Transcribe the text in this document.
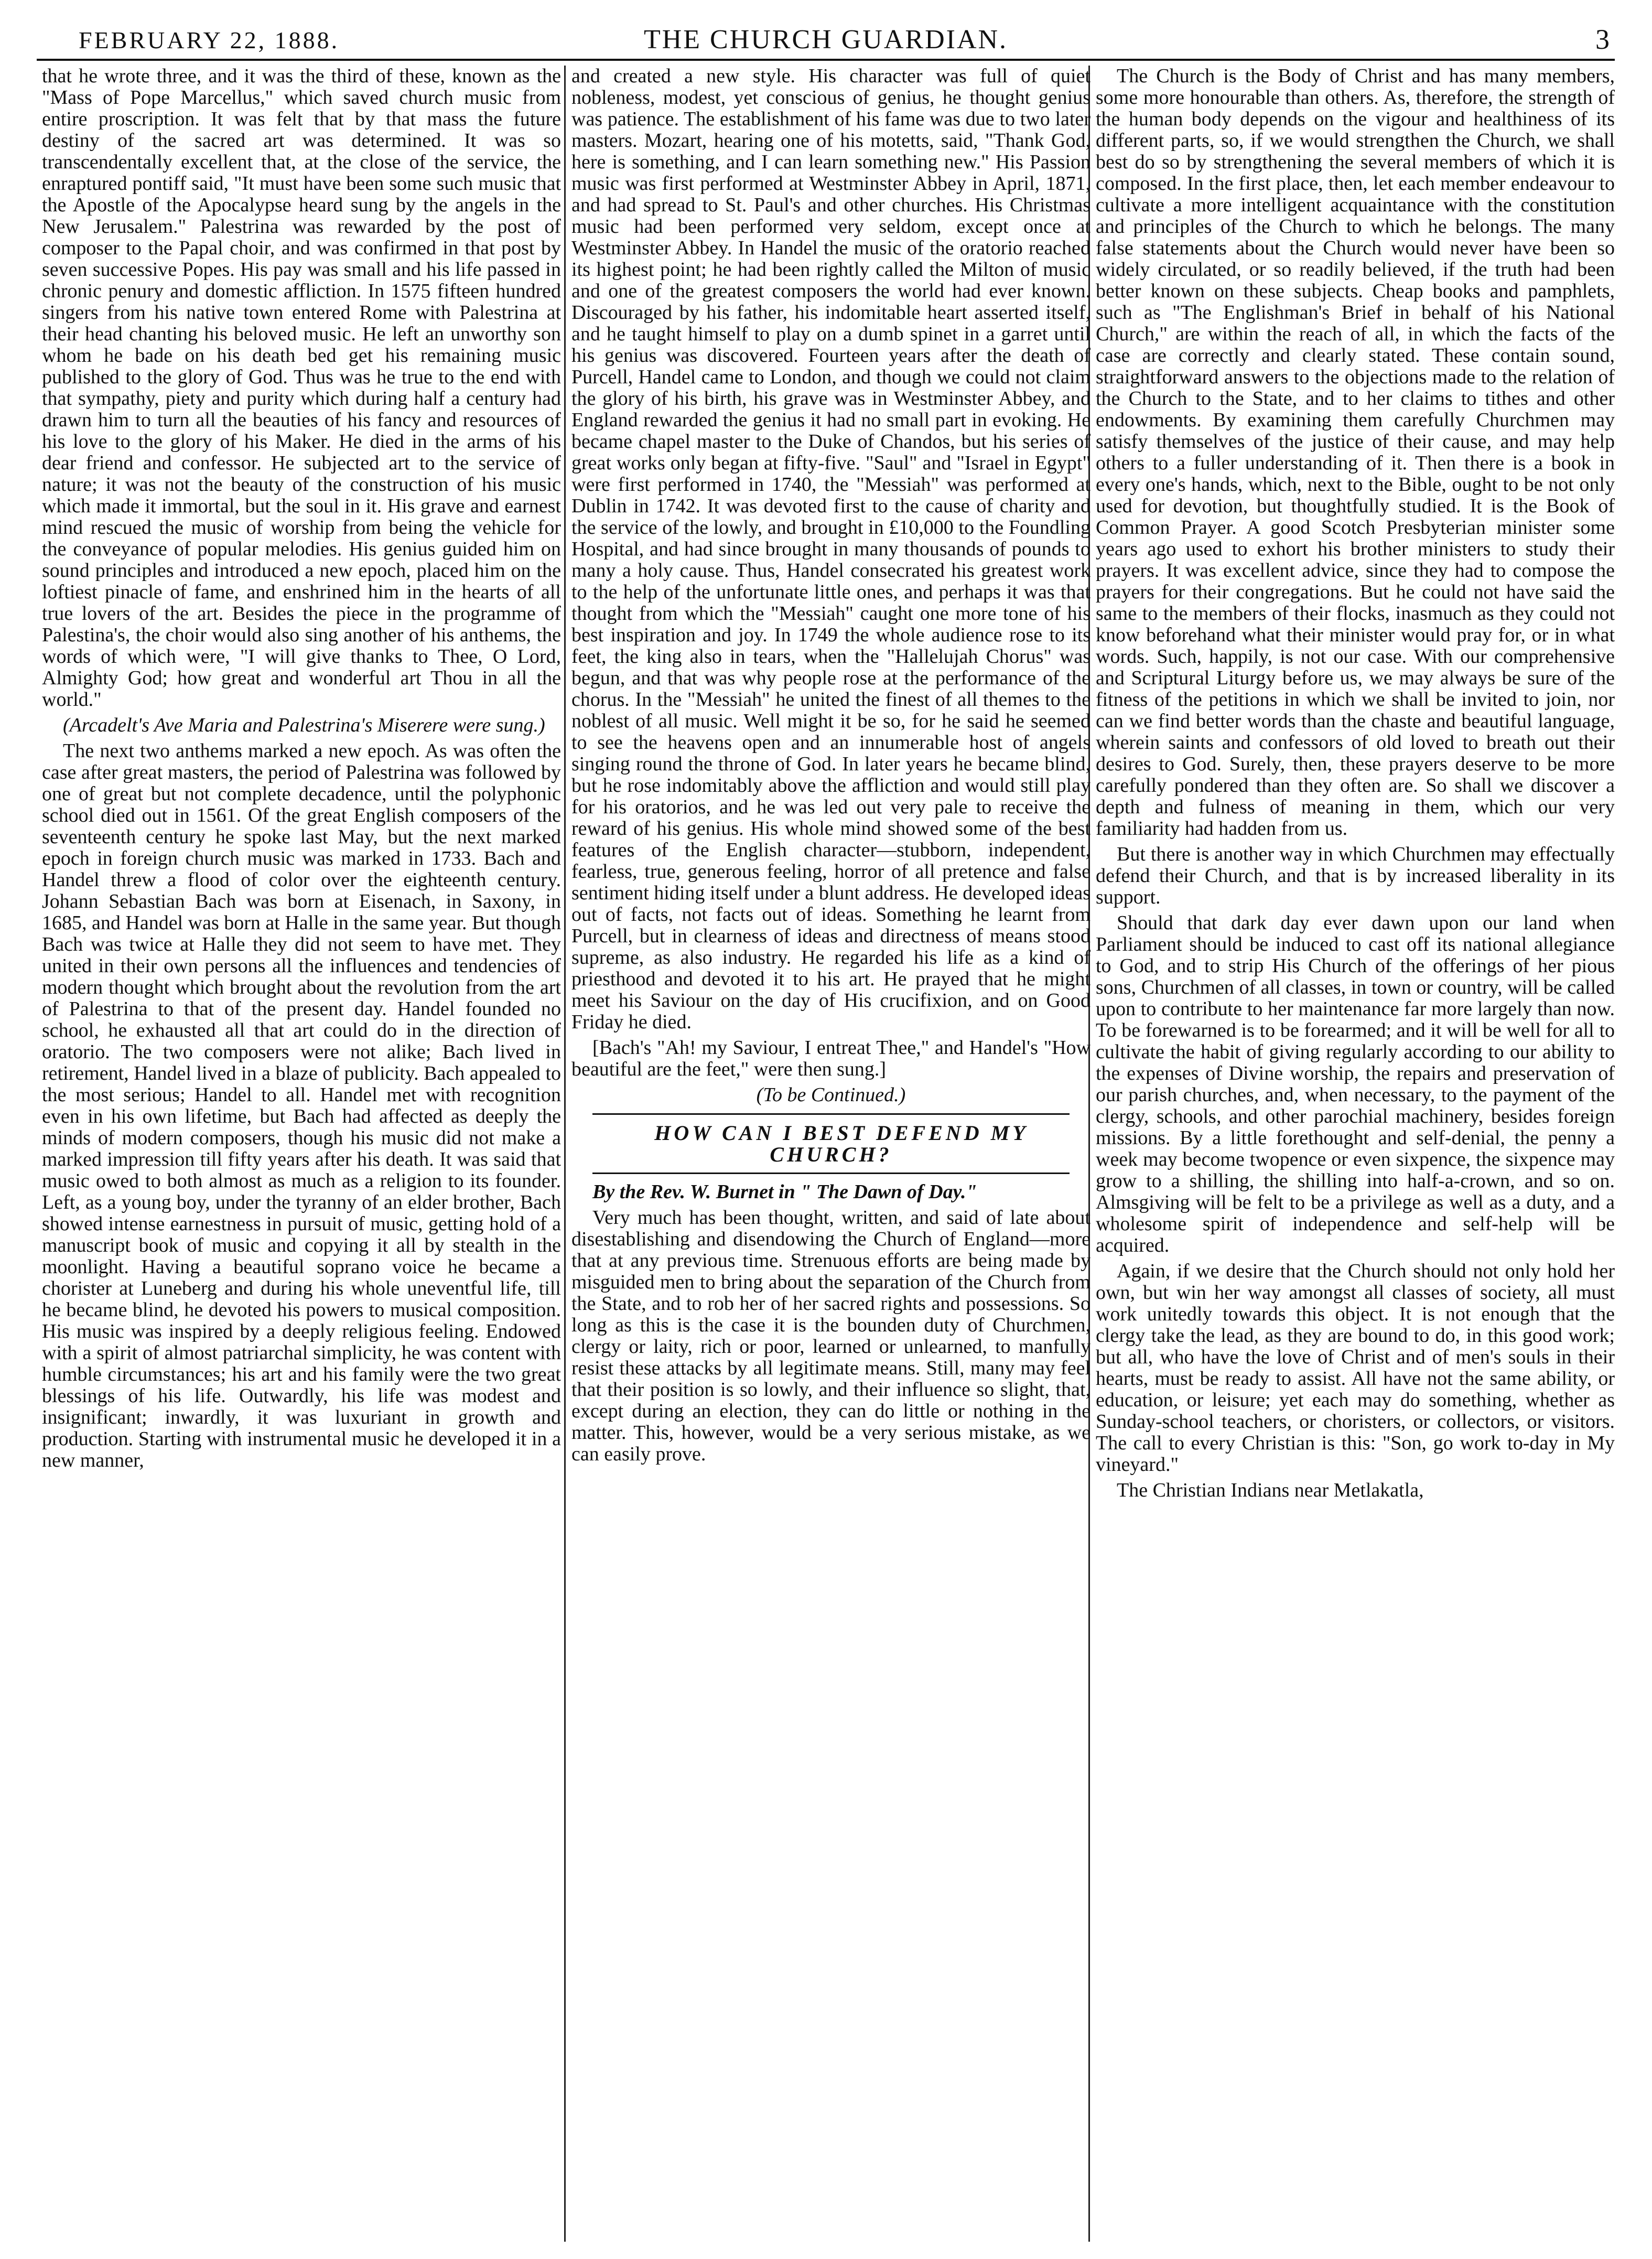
FEBRUARY 22, 1888.	THE CHURCH GUARDIAN.	3

that he wrote three, and it was the third of these, known as the "Mass of Pope Marcellus," which saved church music from entire proscription. It was felt that by that mass the future destiny of the sacred art was determined. It was so transcendentally excellent that, at the close of the service, the enraptured pontiff said, "It must have been some such music that the Apostle of the Apocalypse heard sung by the angels in the New Jerusalem." Palestrina was rewarded by the post of composer to the Papal choir, and was confirmed in that post by seven successive Popes. His pay was small and his life passed in chronic penury and domestic affliction. In 1575 fifteen hundred singers from his native town entered Rome with Palestrina at their head chanting his beloved music. He left an unworthy son whom he bade on his death bed get his remaining music published to the glory of God. Thus was he true to the end with that sympathy, piety and purity which during half a century had drawn him to turn all the beauties of his fancy and resources of his love to the glory of his Maker. He died in the arms of his dear friend and confessor. He subjected art to the service of nature; it was not the beauty of the construction of his music which made it immortal, but the soul in it. His grave and earnest mind rescued the music of worship from being the vehicle for the conveyance of popular melodies. His genius guided him on sound principles and introduced a new epoch, placed him on the loftiest pinacle of fame, and enshrined him in the hearts of all true lovers of the art. Besides the piece in the programme of Palestina's, the choir would also sing another of his anthems, the words of which were, "I will give thanks to Thee, O Lord, Almighty God; how great and wonderful art Thou in all the world."

(Arcadelt's Ave Maria and Palestrina's Miserere were sung.)

The next two anthems marked a new epoch. As was often the case after great masters, the period of Palestrina was followed by one of great but not complete decadence, until the polyphonic school died out in 1561. Of the great English composers of the seventeenth century he spoke last May, but the next marked epoch in foreign church music was marked in 1733. Bach and Handel threw a flood of color over the eighteenth century. Johann Sebastian Bach was born at Eisenach, in Saxony, in 1685, and Handel was born at Halle in the same year. But though Bach was twice at Halle they did not seem to have met. They united in their own persons all the influences and tendencies of modern thought which brought about the revolution from the art of Palestrina to that of the present day. Handel founded no school, he exhausted all that art could do in the direction of oratorio. The two composers were not alike; Bach lived in retirement, Handel lived in a blaze of publicity. Bach appealed to the most serious; Handel to all. Handel met with recognition even in his own lifetime, but Bach had affected as deeply the minds of modern composers, though his music did not make a marked impression till fifty years after his death. It was said that music owed to both almost as much as a religion to its founder. Left, as a young boy, under the tyranny of an elder brother, Bach showed intense earnestness in pursuit of music, getting hold of a manuscript book of music and copying it all by stealth in the moonlight. Having a beautiful soprano voice he became a chorister at Luneberg and during his whole uneventful life, till he became blind, he devoted his powers to musical composition. His music was inspired by a deeply religious feeling. Endowed with a spirit of almost patriarchal simplicity, he was content with humble circumstances; his art and his family were the two great blessings of his life. Outwardly, his life was modest and insignificant; inwardly, it was luxuriant in growth and production. Starting with instrumental music he developed it in a new manner,

and created a new style. His character was full of quiet nobleness, modest, yet conscious of genius, he thought genius was patience. The establishment of his fame was due to two later masters. Mozart, hearing one of his motetts, said, "Thank God, here is something, and I can learn something new." His Passion music was first performed at Westminster Abbey in April, 1871, and had spread to St. Paul's and other churches. His Christmas music had been performed very seldom, except once at Westminster Abbey. In Handel the music of the oratorio reached its highest point; he had been rightly called the Milton of music and one of the greatest composers the world had ever known. Discouraged by his father, his indomitable heart asserted itself, and he taught himself to play on a dumb spinet in a garret until his genius was discovered. Fourteen years after the death of Purcell, Handel came to London, and though we could not claim the glory of his birth, his grave was in Westminster Abbey, and England rewarded the genius it had no small part in evoking. He became chapel master to the Duke of Chandos, but his series of great works only began at fifty-five. "Saul" and "Israel in Egypt" were first performed in 1740, the "Messiah" was performed at Dublin in 1742. It was devoted first to the cause of charity and the service of the lowly, and brought in £10,000 to the Foundling Hospital, and had since brought in many thousands of pounds to many a holy cause. Thus, Handel consecrated his greatest work to the help of the unfortunate little ones, and perhaps it was that thought from which the "Messiah" caught one more tone of his best inspiration and joy. In 1749 the whole audience rose to its feet, the king also in tears, when the "Hallelujah Chorus" was begun, and that was why people rose at the performance of the chorus. In the "Messiah" he united the finest of all themes to the noblest of all music. Well might it be so, for he said he seemed to see the heavens open and an innumerable host of angels singing round the throne of God. In later years he became blind, but he rose indomitably above the affliction and would still play for his oratorios, and he was led out very pale to receive the reward of his genius. His whole mind showed some of the best features of the English character—stubborn, independent, fearless, true, generous feeling, horror of all pretence and false sentiment hiding itself under a blunt address. He developed ideas out of facts, not facts out of ideas. Something he learnt from Purcell, but in clearness of ideas and directness of means stood supreme, as also industry. He regarded his life as a kind of priesthood and devoted it to his art. He prayed that he might meet his Saviour on the day of His crucifixion, and on Good Friday he died.

[Bach's "Ah! my Saviour, I entreat Thee," and Handel's "How beautiful are the feet," were then sung.]

(To be Continued.)

HOW CAN I BEST DEFEND MY CHURCH?

By the Rev. W. Burnet in " The Dawn of Day."

Very much has been thought, written, and said of late about disestablishing and disendowing the Church of England—more that at any previous time. Strenuous efforts are being made by misguided men to bring about the separation of the Church from the State, and to rob her of her sacred rights and possessions. So long as this is the case it is the bounden duty of Churchmen, clergy or laity, rich or poor, learned or unlearned, to manfully resist these attacks by all legitimate means. Still, many may feel that their position is so lowly, and their influence so slight, that, except during an election, they can do little or nothing in the matter. This, however, would be a very serious mistake, as we can easily prove.

The Church is the Body of Christ and has many members, some more honourable than others. As, therefore, the strength of the human body depends on the vigour and healthiness of its different parts, so, if we would strengthen the Church, we shall best do so by strengthening the several members of which it is composed. In the first place, then, let each member endeavour to cultivate a more intelligent acquaintance with the constitution and principles of the Church to which he belongs. The many false statements about the Church would never have been so widely circulated, or so readily believed, if the truth had been better known on these subjects. Cheap books and pamphlets, such as "The Englishman's Brief in behalf of his National Church," are within the reach of all, in which the facts of the case are correctly and clearly stated. These contain sound, straightforward answers to the objections made to the relation of the Church to the State, and to her claims to tithes and other endowments. By examining them carefully Churchmen may satisfy themselves of the justice of their cause, and may help others to a fuller understanding of it. Then there is a book in every one's hands, which, next to the Bible, ought to be not only used for devotion, but thoughtfully studied. It is the Book of Common Prayer. A good Scotch Presbyterian minister some years ago used to exhort his brother ministers to study their prayers. It was excellent advice, since they had to compose the prayers for their congregations. But he could not have said the same to the members of their flocks, inasmuch as they could not know beforehand what their minister would pray for, or in what words. Such, happily, is not our case. With our comprehensive and Scriptural Liturgy before us, we may always be sure of the fitness of the petitions in which we shall be invited to join, nor can we find better words than the chaste and beautiful language, wherein saints and confessors of old loved to breath out their desires to God. Surely, then, these prayers deserve to be more carefully pondered than they often are. So shall we discover a depth and fulness of meaning in them, which our very familiarity had hadden from us.

But there is another way in which Churchmen may effectually defend their Church, and that is by increased liberality in its support.

Should that dark day ever dawn upon our land when Parliament should be induced to cast off its national allegiance to God, and to strip His Church of the offerings of her pious sons, Churchmen of all classes, in town or country, will be called upon to contribute to her maintenance far more largely than now. To be forewarned is to be forearmed; and it will be well for all to cultivate the habit of giving regularly according to our ability to the expenses of Divine worship, the repairs and preservation of our parish churches, and, when necessary, to the payment of the clergy, schools, and other parochial machinery, besides foreign missions. By a little forethought and self-denial, the penny a week may become twopence or even sixpence, the sixpence may grow to a shilling, the shilling into half-a-crown, and so on. Almsgiving will be felt to be a privilege as well as a duty, and a wholesome spirit of independence and self-help will be acquired.

Again, if we desire that the Church should not only hold her own, but win her way amongst all classes of society, all must work unitedly towards this object. It is not enough that the clergy take the lead, as they are bound to do, in this good work; but all, who have the love of Christ and of men's souls in their hearts, must be ready to assist. All have not the same ability, or education, or leisure; yet each may do something, whether as Sunday-school teachers, or choristers, or collectors, or visitors. The call to every Christian is this: "Son, go work to-day in My vineyard."

The Christian Indians near Metlakatla,
